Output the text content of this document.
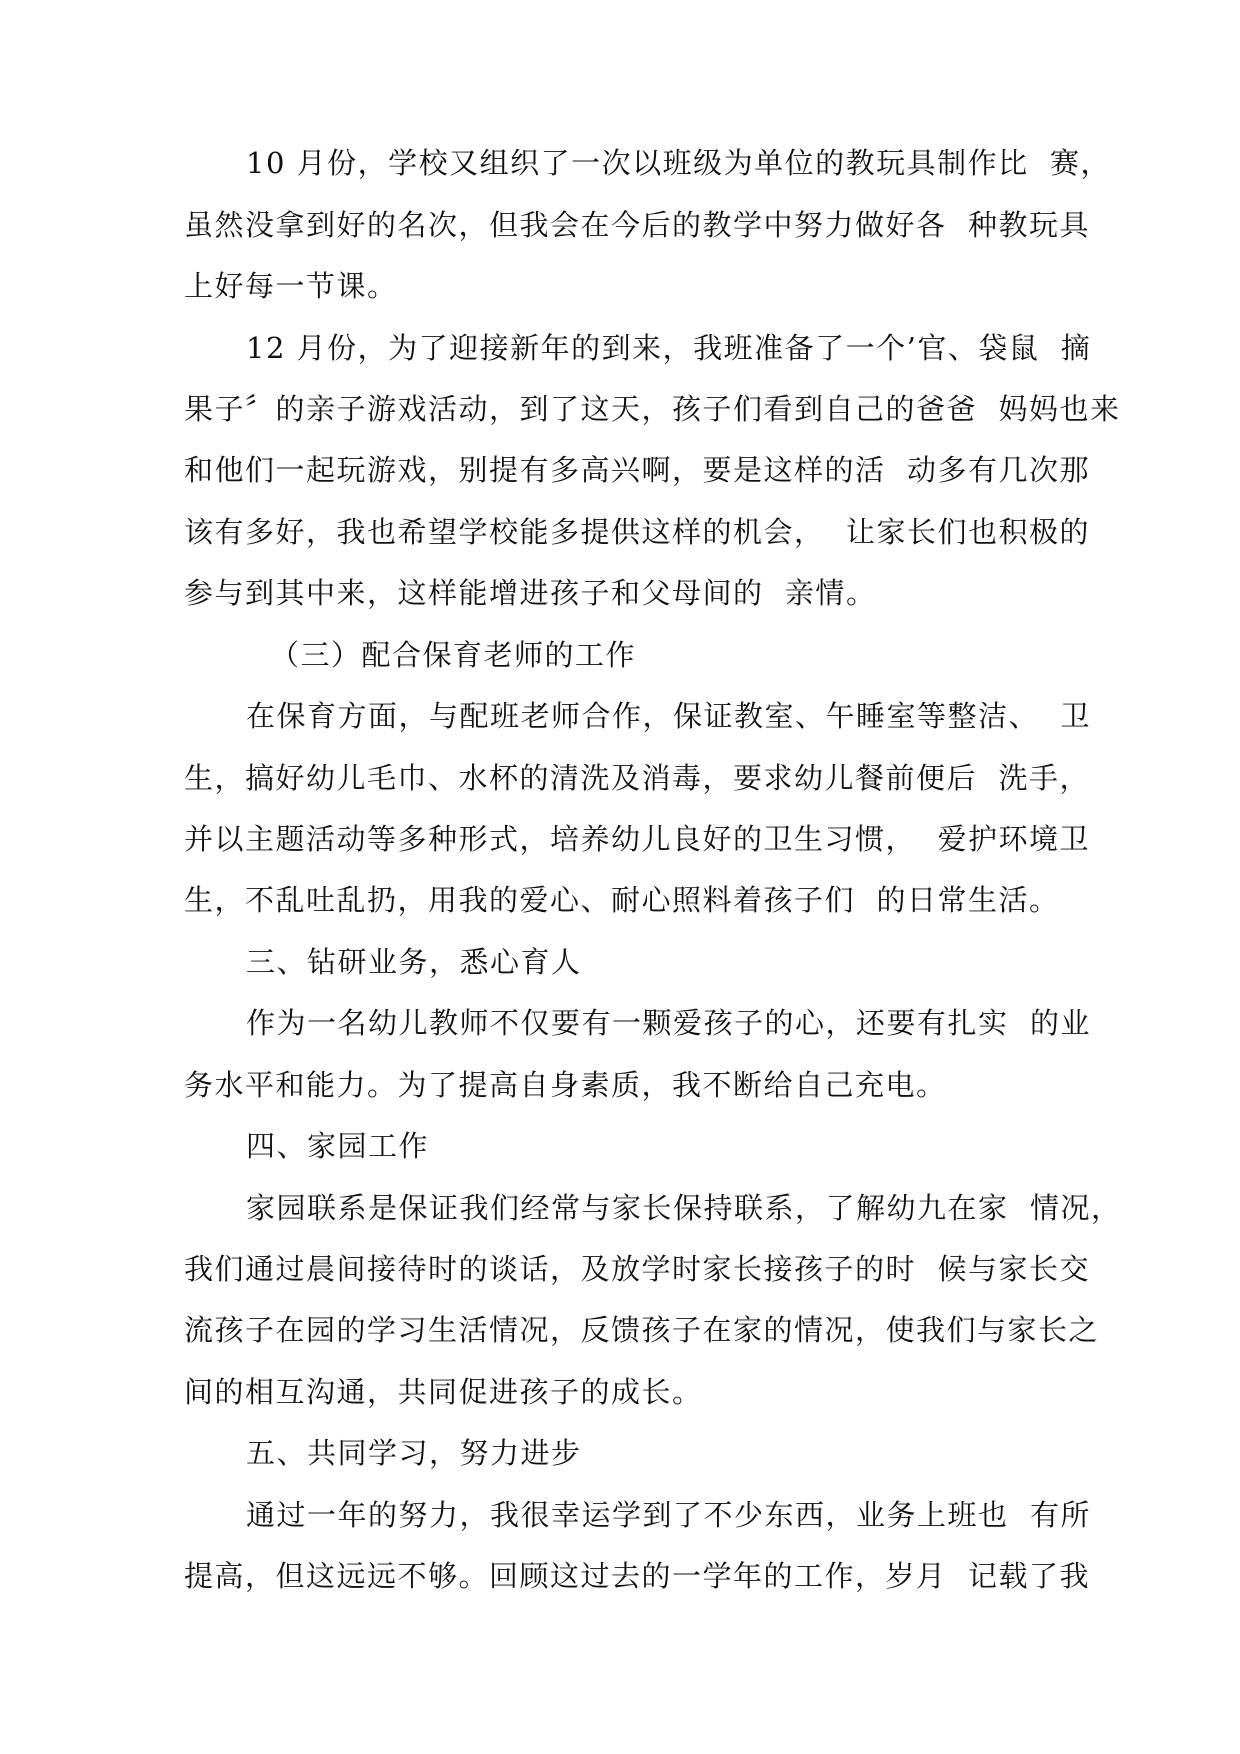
10 月份，学校又组织了一次以班级为单位的教玩具制作比  赛，
虽然没拿到好的名次，但我会在今后的教学中努力做好各  种教玩具
上好每一节课。
12 月份，为了迎接新年的到来，我班准备了一个’官、袋鼠  摘
果子〞的亲子游戏活动，到了这天，孩子们看到自己的爸爸  妈妈也来
和他们一起玩游戏，别提有多高兴啊，要是这样的活  动多有几次那
该有多好，我也希望学校能多提供这样的机会，  让家长们也积极的
参与到其中来，这样能增进孩子和父母间的  亲情。
（三）配合保育老师的工作
在保育方面，与配班老师合作，保证教室、午睡室等整洁、  卫
生，搞好幼儿毛巾、水杯的清洗及消毒，要求幼儿餐前便后  洗手，
并以主题活动等多种形式，培养幼儿良好的卫生习惯，  爱护环境卫
生，不乱吐乱扔，用我的爱心、耐心照料着孩子们  的日常生活。
三、钻研业务，悉心育人
作为一名幼儿教师不仅要有一颗爱孩子的心，还要有扎实  的业
务水平和能力。为了提高自身素质，我不断给自己充电。
四、家园工作
家园联系是保证我们经常与家长保持联系，了解幼九在家  情况，
我们通过晨间接待时的谈话，及放学时家长接孩子的时  候与家长交
流孩子在园的学习生活情况，反馈孩子在家的情况，使我们与家长之
间的相互沟通，共同促进孩子的成长。
五、共同学习，努力进步
通过一年的努力，我很幸运学到了不少东西，业务上班也  有所
提高，但这远远不够。回顾这过去的一学年的工作，岁月  记载了我
